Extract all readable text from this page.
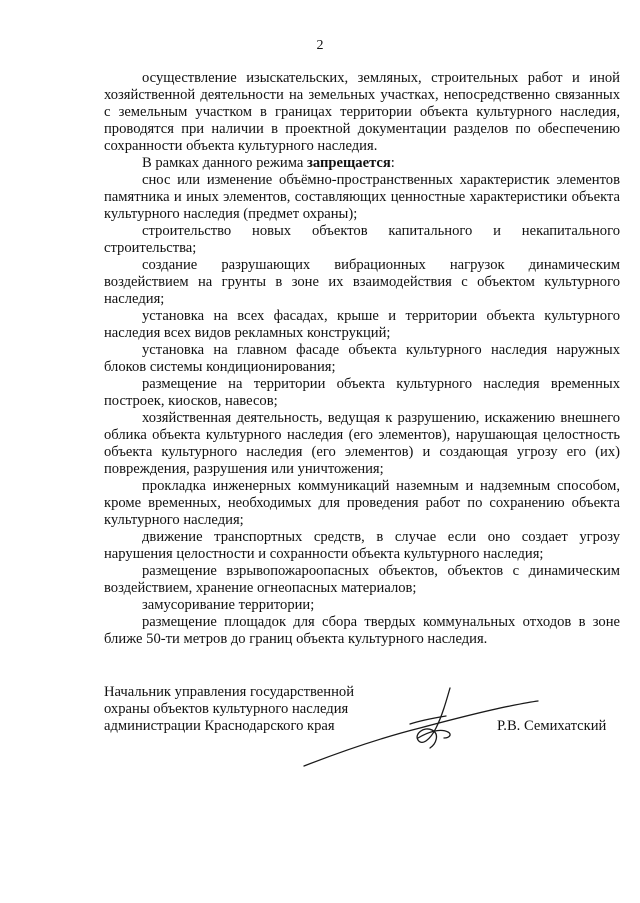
2

осуществление изыскательских, земляных, строительных работ и иной хозяйственной деятельности на земельных участках, непосредственно связанных с земельным участком в границах территории объекта культурного наследия, проводятся при наличии в проектной документации разделов по обеспечению сохранности объекта культурного наследия.

В рамках данного режима запрещается:

снос или изменение объёмно-пространственных характеристик элементов памятника и иных элементов, составляющих ценностные характеристики объекта культурного наследия (предмет охраны);

строительство новых объектов капитального и некапитального строительства;

создание разрушающих вибрационных нагрузок динамическим воздействием на грунты в зоне их взаимодействия с объектом культурного наследия;

установка на всех фасадах, крыше и территории объекта культурного наследия всех видов рекламных конструкций;

установка на главном фасаде объекта культурного наследия наружных блоков системы кондиционирования;

размещение на территории объекта культурного наследия временных построек, киосков, навесов;

хозяйственная деятельность, ведущая к разрушению, искажению внешнего облика объекта культурного наследия (его элементов), нарушающая целостность объекта культурного наследия (его элементов) и создающая угрозу его (их) повреждения, разрушения или уничтожения;

прокладка инженерных коммуникаций наземным и надземным способом, кроме временных, необходимых для проведения работ по сохранению объекта культурного наследия;

движение транспортных средств, в случае если оно создает угрозу нарушения целостности и сохранности объекта культурного наследия;

размещение взрывопожароопасных объектов, объектов с динамическим воздействием, хранение огнеопасных материалов;

замусоривание территории;

размещение площадок для сбора твердых коммунальных отходов в зоне ближе 50-ти метров до границ объекта культурного наследия.

Начальник управления государственной
охраны объектов культурного наследия
администрации Краснодарского края	Р.В. Семихатский
